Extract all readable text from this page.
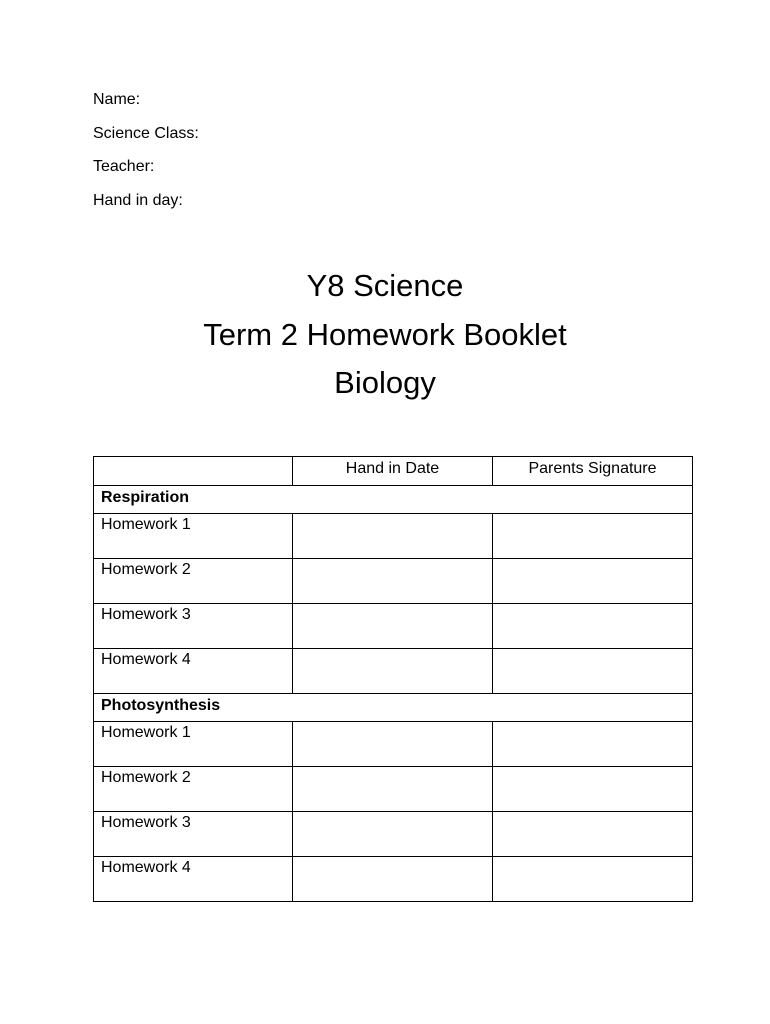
Name:
Science Class:
Teacher:
Hand in day:
Y8 Science
Term 2 Homework Booklet
Biology
	Hand in Date	Parents Signature
Respiration		
Homework 1		
Homework 2		
Homework 3		
Homework 4		
Photosynthesis		
Homework 1		
Homework 2		
Homework 3		
Homework 4		
